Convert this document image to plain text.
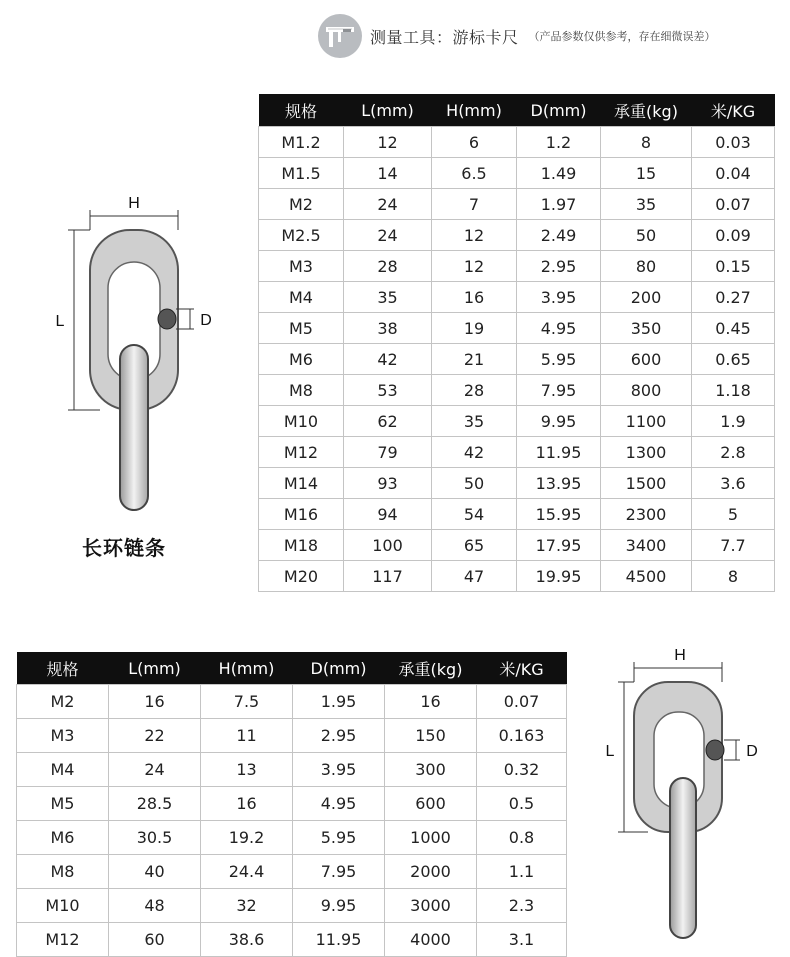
测量工具：游标卡尺 （产品参数仅供参考，存在细微误差）
H
L	D
长环链条
规格	L(mm)	H(mm)	D(mm)	承重(kg)	米/KG
M1.2	12	6	1.2	8	0.03
M1.5	14	6.5	1.49	15	0.04
M2	24	7	1.97	35	0.07
M2.5	24	12	2.49	50	0.09
M3	28	12	2.95	80	0.15
M4	35	16	3.95	200	0.27
M5	38	19	4.95	350	0.45
M6	42	21	5.95	600	0.65
M8	53	28	7.95	800	1.18
M10	62	35	9.95	1100	1.9
M12	79	42	11.95	1300	2.8
M14	93	50	13.95	1500	3.6
M16	94	54	15.95	2300	5
M18	100	65	17.95	3400	7.7
M20	117	47	19.95	4500	8
规格	L(mm)	H(mm)	D(mm)	承重(kg)	米/KG
M2	16	7.5	1.95	16	0.07
M3	22	11	2.95	150	0.163
M4	24	13	3.95	300	0.32
M5	28.5	16	4.95	600	0.5
M6	30.5	19.2	5.95	1000	0.8
M8	40	24.4	7.95	2000	1.1
M10	48	32	9.95	3000	2.3
M12	60	38.6	11.95	4000	3.1
H
L	D
